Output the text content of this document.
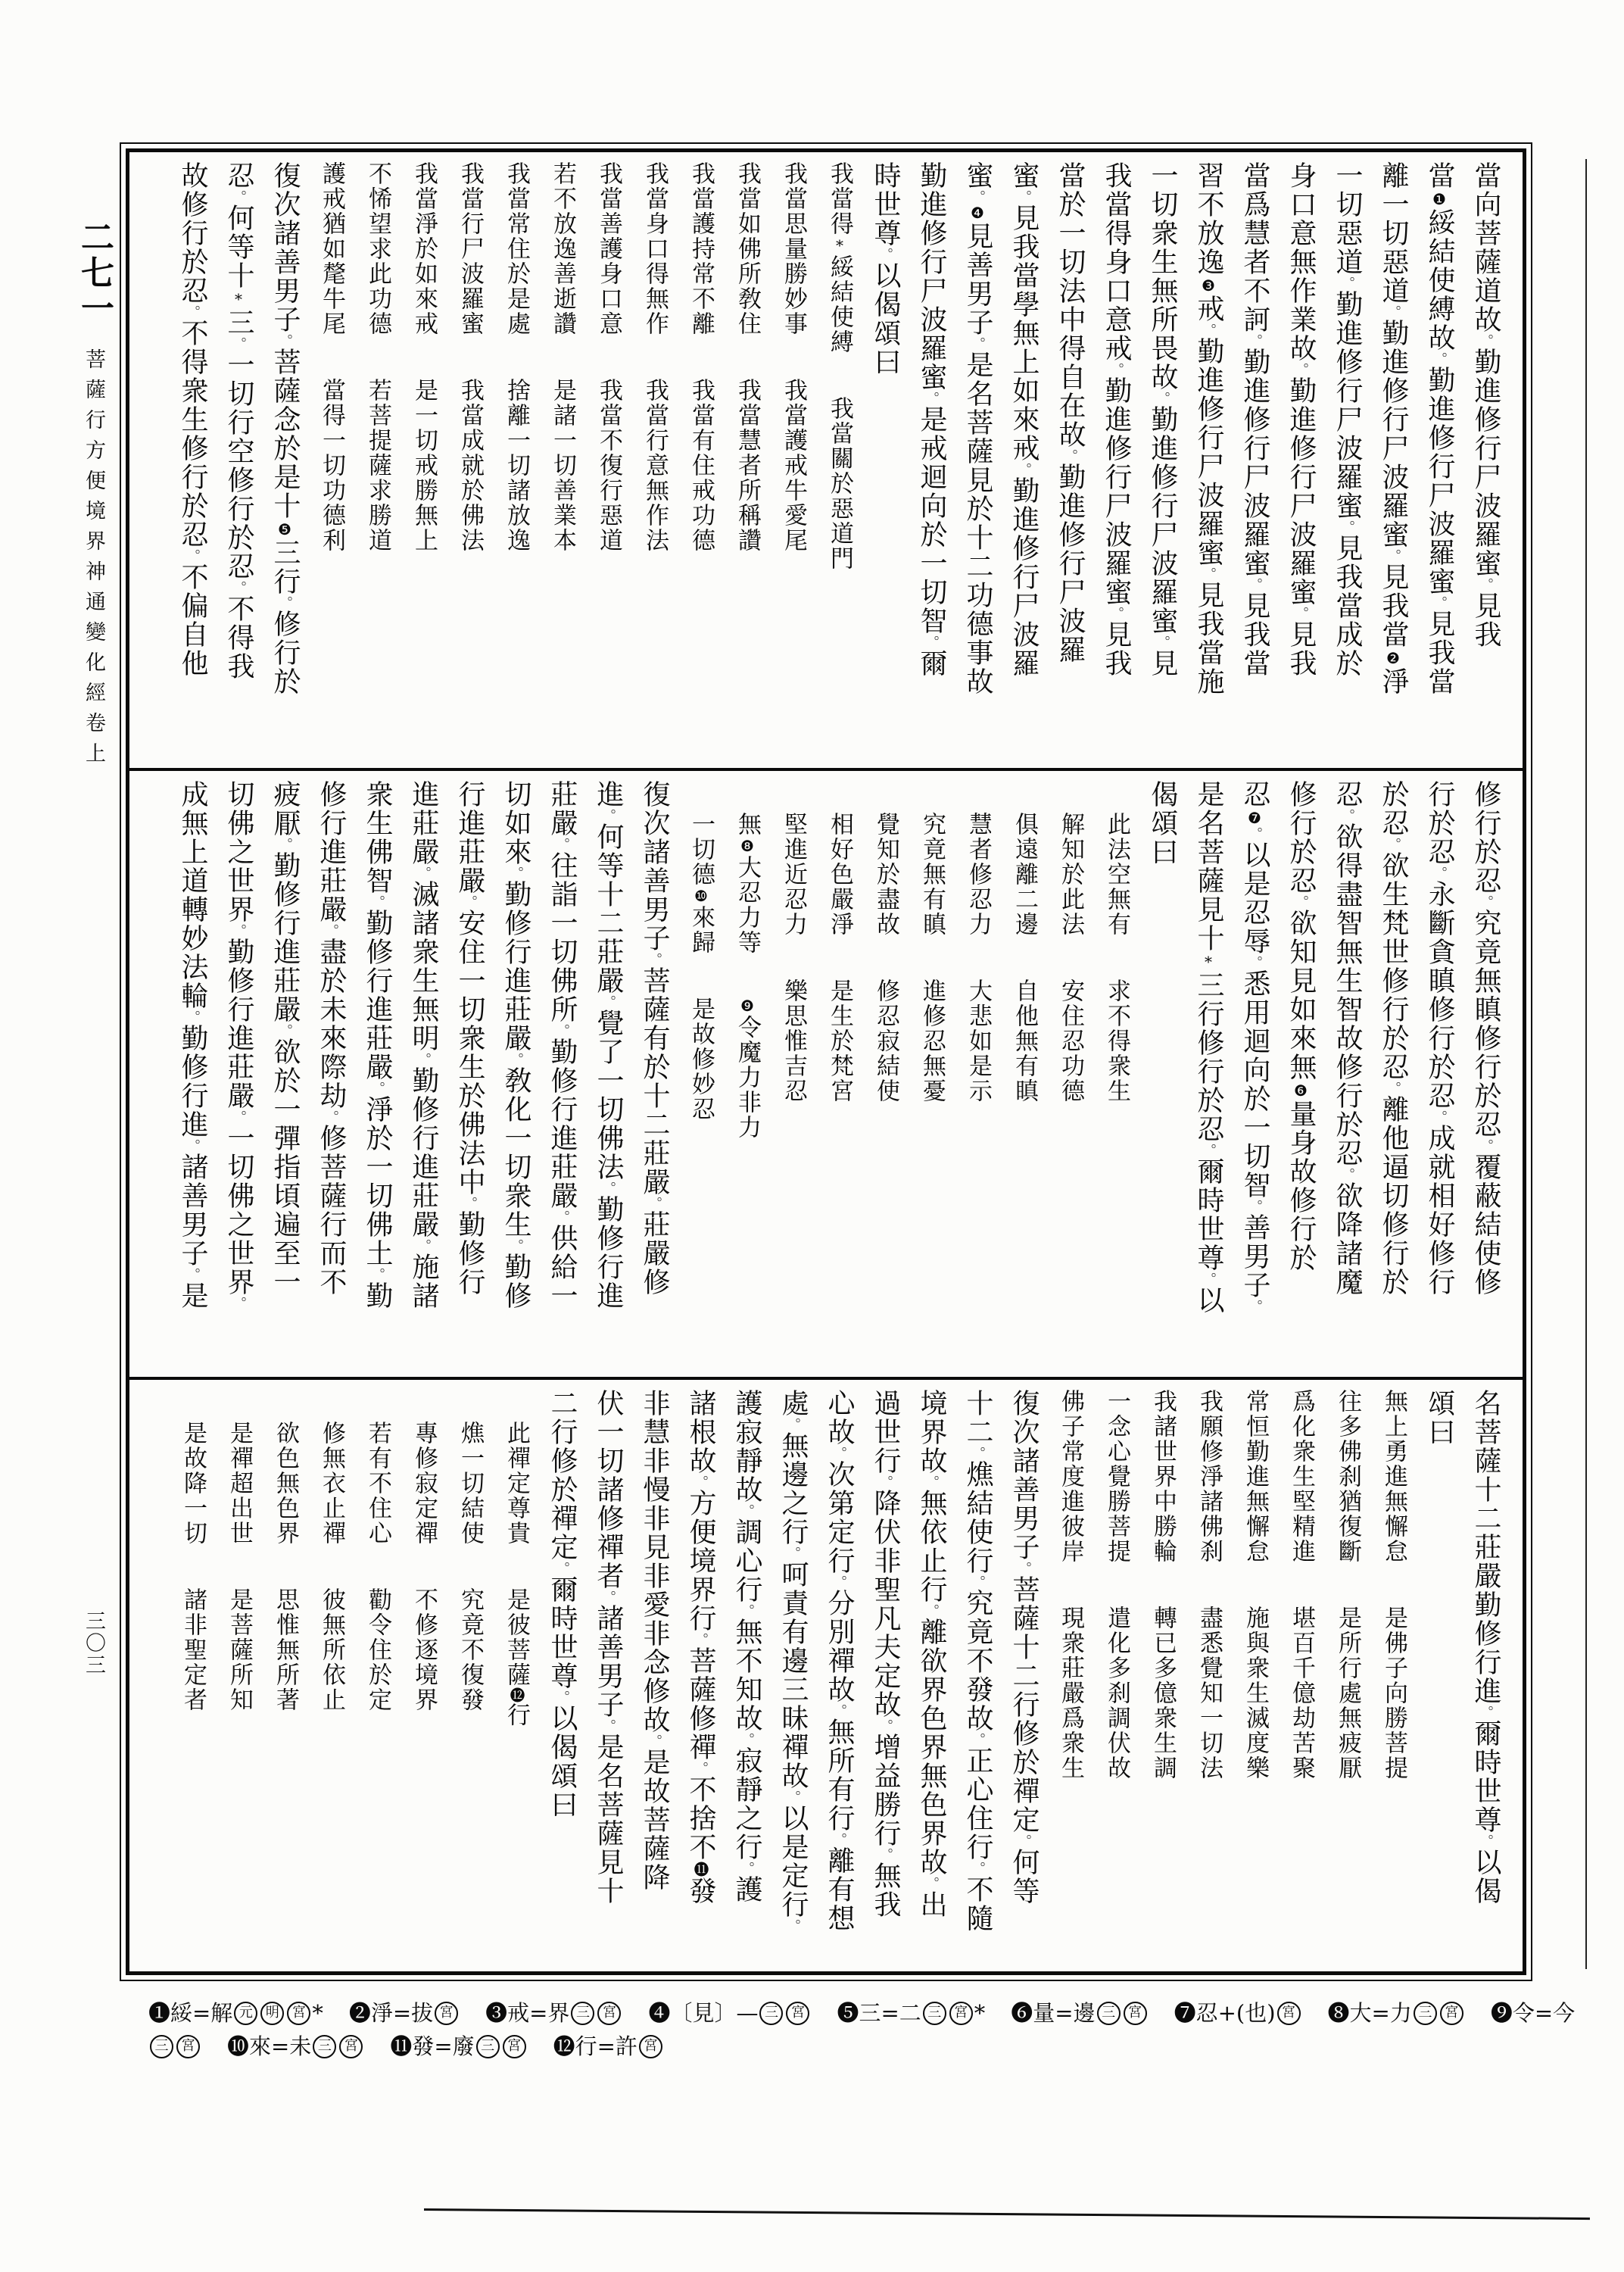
二七一
菩薩行方便境界神通變化經卷上
三〇三
當向菩薩道故。勤進修行尸波羅蜜。見我
當❶綏結使縛故。勤進修行尸波羅蜜。見我當
離一切惡道。勤進修行尸波羅蜜。見我當❷淨
一切惡道。勤進修行尸波羅蜜。見我當成於
身口意無作業故。勤進修行尸波羅蜜。見我
當爲慧者不訶。勤進修行尸波羅蜜。見我當
習不放逸❸戒。勤進修行尸波羅蜜。見我當施
一切衆生無所畏故。勤進修行尸波羅蜜。見
我當得身口意戒。勤進修行尸波羅蜜。見我
當於一切法中得自在故。勤進修行尸波羅
蜜。見我當學無上如來戒。勤進修行尸波羅
蜜。❹見善男子。是名菩薩見於十二功德事故
勤進修行尸波羅蜜。是戒迴向於一切智。爾
時世尊。以偈頌曰
我當得*綏結使縛我當關於惡道門
我當思量勝妙事我當護戒牛愛尾
我當如佛所敎住我當慧者所稱讚
我當護持常不離我當有住戒功德
我當身口得無作我當行意無作法
我當善護身口意我當不復行惡道
若不放逸善逝讚是諸一切善業本
我當常住於是處捨離一切諸放逸
我當行尸波羅蜜我當成就於佛法
我當淨於如來戒是一切戒勝無上
不悕望求此功德若菩提薩求勝道
護戒猶如氂牛尾當得一切功德利
復次諸善男子。菩薩念於是十❺三行。修行於
忍。何等十*三。一切行空修行於忍。不得我
故修行於忍。不得衆生修行於忍。不偏自他
修行於忍。究竟無瞋修行於忍。覆蔽結使修
行於忍。永斷貪瞋修行於忍。成就相好修行
於忍。欲生梵世修行於忍。離他逼切修行於
忍。欲得盡智無生智故修行於忍。欲降諸魔
修行於忍。欲知見如來無❻量身故修行於
忍❼。以是忍辱。悉用迴向於一切智。善男子。
是名菩薩見十*三行修行於忍。爾時世尊。以
偈頌曰
此法空無有求不得衆生
解知於此法安住忍功德
俱遠離二邊自他無有瞋
慧者修忍力大悲如是示
究竟無有瞋進修忍無憂
覺知於盡故修忍寂結使
相好色嚴淨是生於梵宮
堅進近忍力樂思惟吉忍
無❽大忍力等❾令魔力非力
一切德❿來歸是故修妙忍
復次諸善男子。菩薩有於十二莊嚴。莊嚴修
進。何等十二莊嚴。覺了一切佛法。勤修行進
莊嚴。往詣一切佛所。勤修行進莊嚴。供給一
切如來。勤修行進莊嚴。敎化一切衆生。勤修
行進莊嚴。安住一切衆生於佛法中。勤修行
進莊嚴。滅諸衆生無明。勤修行進莊嚴。施諸
衆生佛智。勤修行進莊嚴。淨於一切佛土。勤
修行進莊嚴。盡於未來際劫。修菩薩行而不
疲厭。勤修行進莊嚴。欲於一彈指頃遍至一
切佛之世界。勤修行進莊嚴。一切佛之世界。
成無上道轉妙法輪。勤修行進。諸善男子。是
名菩薩十二莊嚴勤修行進。爾時世尊。以偈
頌曰
無上勇進無懈怠是佛子向勝菩提
往多佛刹猶復斷是所行處無疲厭
爲化衆生堅精進堪百千億劫苦聚
常恒勤進無懈怠施與衆生滅度樂
我願修淨諸佛刹盡悉覺知一切法
我諸世界中勝輪轉已多億衆生調
一念心覺勝菩提遣化多刹調伏故
佛子常度進彼岸現衆莊嚴爲衆生
復次諸善男子。菩薩十二行修於禪定。何等
十二。燋結使行。究竟不發故。正心住行。不隨
境界故。無依止行。離欲界色界無色界故。出
過世行。降伏非聖凡夫定故。增益勝行。無我
心故。次第定行。分別禪故。無所有行。離有想
處。無邊之行。呵責有邊三昧禪故。以是定行。
護寂靜故。調心行。無不知故。寂靜之行。護
諸根故。方便境界行。菩薩修禪。不捨不⓫發
非慧非慢非見非愛非念修故。是故菩薩降
伏一切諸修禪者。諸善男子。是名菩薩見十
二行修於禪定。爾時世尊。以偈頌曰
此禪定尊貴是彼菩薩⓬行
燋一切結使究竟不復發
專修寂定禪不修逐境界
若有不住心勸令住於定
修無衣止禪彼無所依止
欲色無色界思惟無所著
是禪超出世是菩薩所知
是故降一切諸非聖定者
❶綏=解 元 明 宮 * ❷淨=拔 宮 ❸戒=界 三 宮 ❹〔見〕— 三 宮 ❺三=二 三 宮 * ❻量=邊 三 宮 ❼忍+(也) 宮 ❽大=力 三 宮 ❾令=今
三 宮 ❿來=未 三 宮 ⓫發=廢 三 宮 ⓬行=許 宮
